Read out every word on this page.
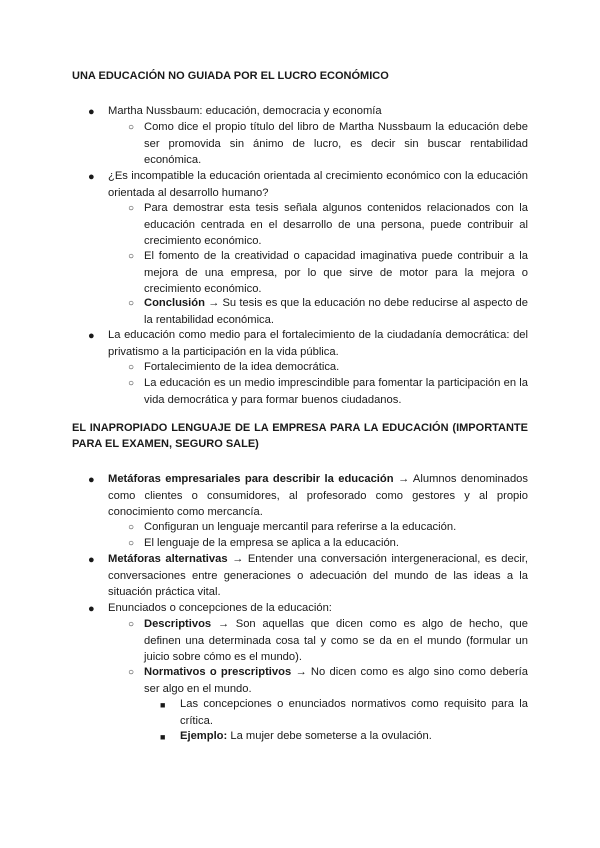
UNA EDUCACIÓN NO GUIADA POR EL LUCRO ECONÓMICO
●	Martha Nussbaum: educación, democracia y economía
○ Como dice el propio título del libro de Martha Nussbaum la educación debe ser promovida sin ánimo de lucro, es decir sin buscar rentabilidad económica.
●	¿Es incompatible la educación orientada al crecimiento económico con la educación orientada al desarrollo humano?
○ Para demostrar esta tesis señala algunos contenidos relacionados con la educación centrada en el desarrollo de una persona, puede contribuir al crecimiento económico.
○ El fomento de la creatividad o capacidad imaginativa puede contribuir a la mejora de una empresa, por lo que sirve de motor para la mejora o crecimiento económico.
○ Conclusión → Su tesis es que la educación no debe reducirse al aspecto de la rentabilidad económica.
●	La educación como medio para el fortalecimiento de la ciudadanía democrática: del privatismo a la participación en la vida pública.
○ Fortalecimiento de la idea democrática.
○ La educación es un medio imprescindible para fomentar la participación en la vida democrática y para formar buenos ciudadanos.
EL INAPROPIADO LENGUAJE DE LA EMPRESA PARA LA EDUCACIÓN (IMPORTANTE PARA EL EXAMEN, SEGURO SALE)
●	Metáforas empresariales para describir la educación → Alumnos denominados como clientes o consumidores, al profesorado como gestores y al propio conocimiento como mercancía.
○ Configuran un lenguaje mercantil para referirse a la educación.
○ El lenguaje de la empresa se aplica a la educación.
●	Metáforas alternativas → Entender una conversación intergeneracional, es decir, conversaciones entre generaciones o adecuación del mundo de las ideas a la situación práctica vital.
●	Enunciados o concepciones de la educación:
○ Descriptivos → Son aquellas que dicen como es algo de hecho, que definen una determinada cosa tal y como se da en el mundo (formular un juicio sobre cómo es el mundo).
○ Normativos o prescriptivos → No dicen como es algo sino como debería ser algo en el mundo.
■	Las concepciones o enunciados normativos como requisito para la crítica.
■	Ejemplo: La mujer debe someterse a la ovulación.
